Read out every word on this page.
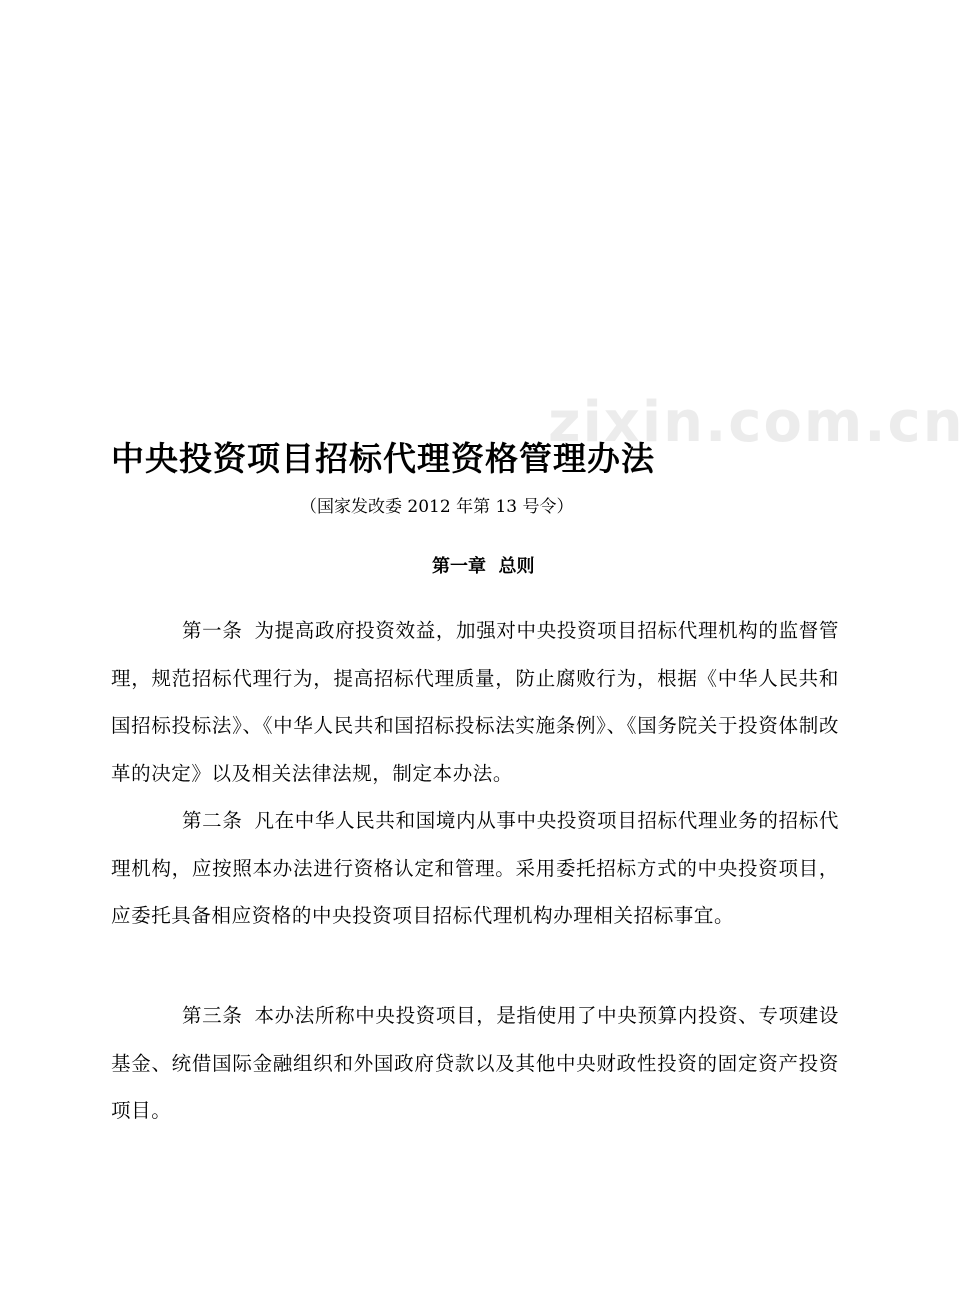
zixin.com.cn
中央投资项目招标代理资格管理办法

（国家发改委 2012 年第 13 号令）

第一章  总则

第一条 为提高政府投资效益，加强对中央投资项目招标代理机构的监督管理，规范招标代理行为，提高招标代理质量，防止腐败行为，根据《中华人民共和国招标投标法》、《中华人民共和国招标投标法实施条例》、《国务院关于投资体制改革的决定》以及相关法律法规，制定本办法。

第二条 凡在中华人民共和国境内从事中央投资项目招标代理业务的招标代理机构，应按照本办法进行资格认定和管理。采用委托招标方式的中央投资项目，应委托具备相应资格的中央投资项目招标代理机构办理相关招标事宜。

第三条 本办法所称中央投资项目，是指使用了中央预算内投资、专项建设基金、统借国际金融组织和外国政府贷款以及其他中央财政性投资的固定资产投资项目。
